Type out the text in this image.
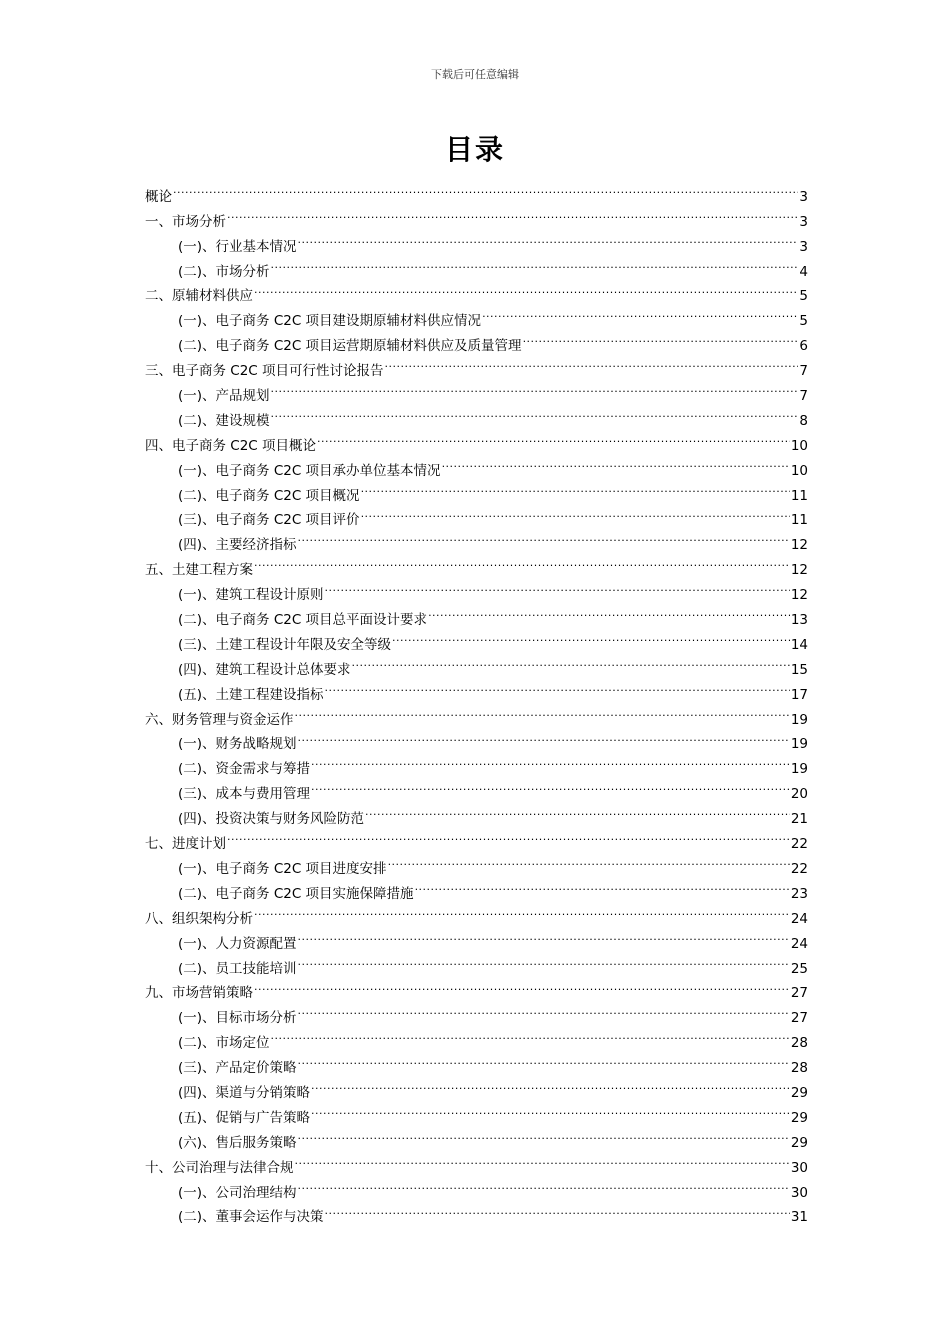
下载后可任意编辑
目录
概论 .....	3
一、市场分析 .....	3
(一)、行业基本情况 .....	3
(二)、市场分析 .....	4
二、原辅材料供应 .....	5
(一)、电子商务 C2C 项目建设期原辅材料供应情况 .....	5
(二)、电子商务 C2C 项目运营期原辅材料供应及质量管理 .....	6
三、电子商务 C2C 项目可行性讨论报告 .....	7
(一)、产品规划 .....	7
(二)、建设规模 .....	8
四、电子商务 C2C 项目概论 .....	10
(一)、电子商务 C2C 项目承办单位基本情况 .....	10
(二)、电子商务 C2C 项目概况 .....	11
(三)、电子商务 C2C 项目评价 .....	11
(四)、主要经济指标 .....	12
五、土建工程方案 .....	12
(一)、建筑工程设计原则 .....	12
(二)、电子商务 C2C 项目总平面设计要求 .....	13
(三)、土建工程设计年限及安全等级 .....	14
(四)、建筑工程设计总体要求 .....	15
(五)、土建工程建设指标 .....	17
六、财务管理与资金运作 .....	19
(一)、财务战略规划 .....	19
(二)、资金需求与筹措 .....	19
(三)、成本与费用管理 .....	20
(四)、投资决策与财务风险防范 .....	21
七、进度计划 .....	22
(一)、电子商务 C2C 项目进度安排 .....	22
(二)、电子商务 C2C 项目实施保障措施 .....	23
八、组织架构分析 .....	24
(一)、人力资源配置 .....	24
(二)、员工技能培训 .....	25
九、市场营销策略 .....	27
(一)、目标市场分析 .....	27
(二)、市场定位 .....	28
(三)、产品定价策略 .....	28
(四)、渠道与分销策略 .....	29
(五)、促销与广告策略 .....	29
(六)、售后服务策略 .....	29
十、公司治理与法律合规 .....	30
(一)、公司治理结构 .....	30
(二)、董事会运作与决策 .....	31
